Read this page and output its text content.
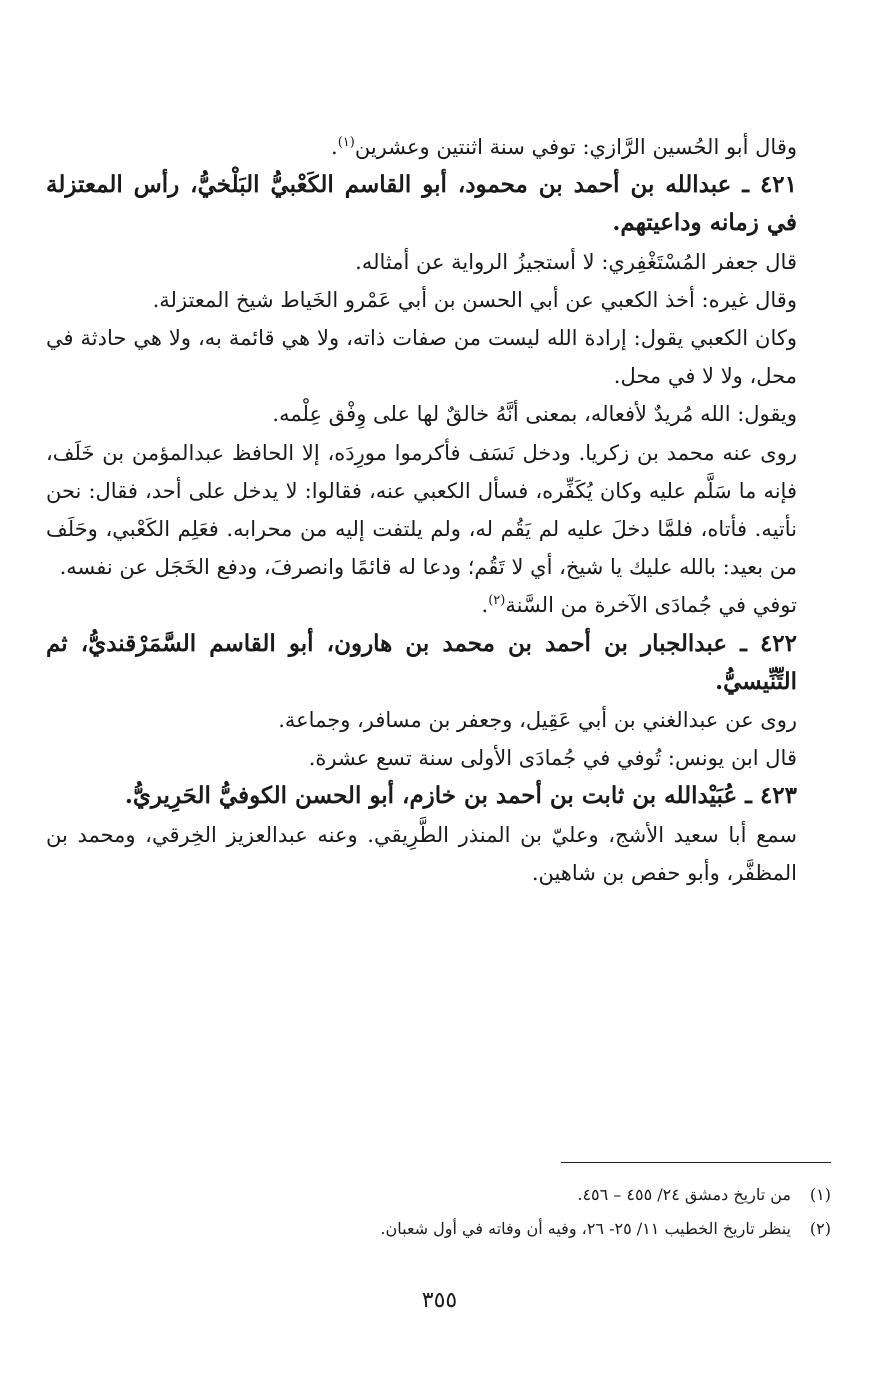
وقال أبو الحُسين الرَّازي: توفي سنة اثنتين وعشرين$^{(١)}$.

٤٢١ ـ عبدالله بن أحمد بن محمود، أبو القاسم الكَعْبيُّ البَلْخيُّ، رأس المعتزلة في زمانه وداعيتهم.

قال جعفر المُسْتَغْفِري: لا أستجيزُ الرواية عن أمثاله.

وقال غيره: أخذ الكعبي عن أبي الحسن بن أبي عَمْرو الخَياط شيخ المعتزلة.

وكان الكعبي يقول: إرادة الله ليست من صفات ذاته، ولا هي قائمة به، ولا هي حادثة في محل، ولا لا في محل.

ويقول: الله مُريدٌ لأفعاله، بمعنى أنَّهُ خالقٌ لها على وِفْق عِلْمه.

روى عنه محمد بن زكريا. ودخل نَسَف فأكرموا مورِدَه، إلا الحافظ عبدالمؤمن بن خَلَف، فإنه ما سَلَّم عليه وكان يُكَفِّره، فسأل الكعبي عنه، فقالوا: لا يدخل على أحد، فقال: نحن نأتيه. فأتاه، فلمَّا دخلَ عليه لم يَقُم له، ولم يلتفت إليه من محرابه. فعَلِم الكَعْبي، وحَلَف من بعيد: بالله عليك يا شيخ، أي لا تَقُم؛ ودعا له قائمًا وانصرفَ، ودفع الخَجَل عن نفسه.

توفي في جُمادَى الآخرة من السَّنة$^{(٢)}$.

٤٢٢ ـ عبدالجبار بن أحمد بن محمد بن هارون، أبو القاسم السَّمَرْقنديُّ، ثم التِّنِّيسيُّ.

روى عن عبدالغني بن أبي عَقِيل، وجعفر بن مسافر، وجماعة.

قال ابن يونس: تُوفي في جُمادَى الأولى سنة تسع عشرة.

٤٢٣ ـ عُبَيْدالله بن ثابت بن أحمد بن خازم، أبو الحسن الكوفيُّ الحَرِيريُّ.

سمع أبا سعيد الأشج، وعليّ بن المنذر الطَّرِيقي. وعنه عبدالعزيز الخِرقي، ومحمد بن المظفَّر، وأبو حفص بن شاهين.

(١)من تاريخ دمشق ٢٤/ ٤٥٥ – ٤٥٦.

(٢)ينظر تاريخ الخطيب ١١/ ٢٥- ٢٦، وفيه أن وفاته في أول شعبان.

٣٥٥
